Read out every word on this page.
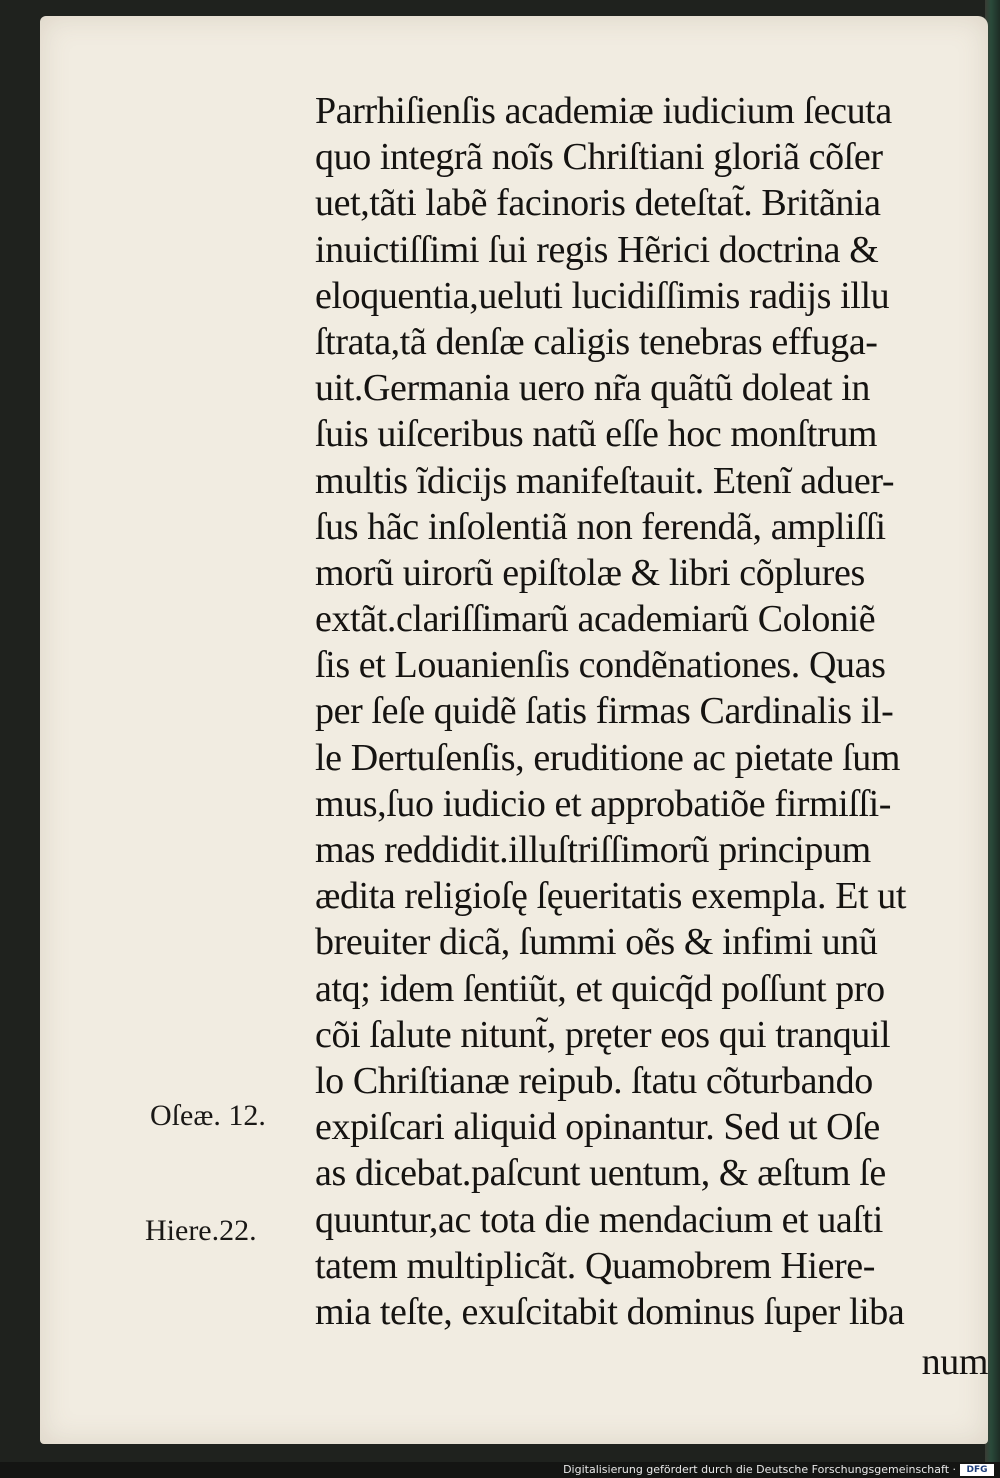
Parrhiſienſis academiæ iudicium ſecuta
quo integrã noĩs Chriſtiani gloriã cõſer
uet,tãti labẽ facinoris deteſtat̃. Britãnia
inuictiſſimi ſui regis Hẽrici doctrina &
eloquentia,ueluti lucidiſſimis radijs illu
ſtrata,tã denſæ caligis tenebras effuga-
uit.Germania uero nr̃a quãtũ doleat in
ſuis uiſceribus natũ eſſe hoc monſtrum
multis ĩdicijs manifeſtauit. Etenĩ aduer-
ſus hãc inſolentiã non ferendã, ampliſſi
morũ uirorũ epiſtolæ & libri cõplures
extãt.clariſſimarũ academiarũ Coloniẽ
ſis et Louanienſis condẽnationes. Quas
per ſeſe quidẽ ſatis firmas Cardinalis il-
le Dertuſenſis, eruditione ac pietate ſum
mus,ſuo iudicio et approbatiõe firmiſſi-
mas reddidit.illuſtriſſimorũ principum
ædita religioſę ſęueritatis exempla. Et ut
breuiter dicã, ſummi oẽs & infimi unũ
atq; idem ſentiũt, et quicq̃d poſſunt pro
cõi ſalute nitunt̃, pręter eos qui tranquil
lo Chriſtianæ reipub. ſtatu cõturbando
expiſcari aliquid opinantur. Sed ut Oſe
as dicebat.paſcunt uentum, & æſtum ſe
quuntur,ac tota die mendacium et uaſti
tatem multiplicãt. Quamobrem Hiere-
mia teſte, exuſcitabit dominus ſuper liba
num
Oſeæ. 12.
Hiere.22.
Digitalisierung gefördert durch die Deutsche Forschungsgemeinschaft ·	DFG
